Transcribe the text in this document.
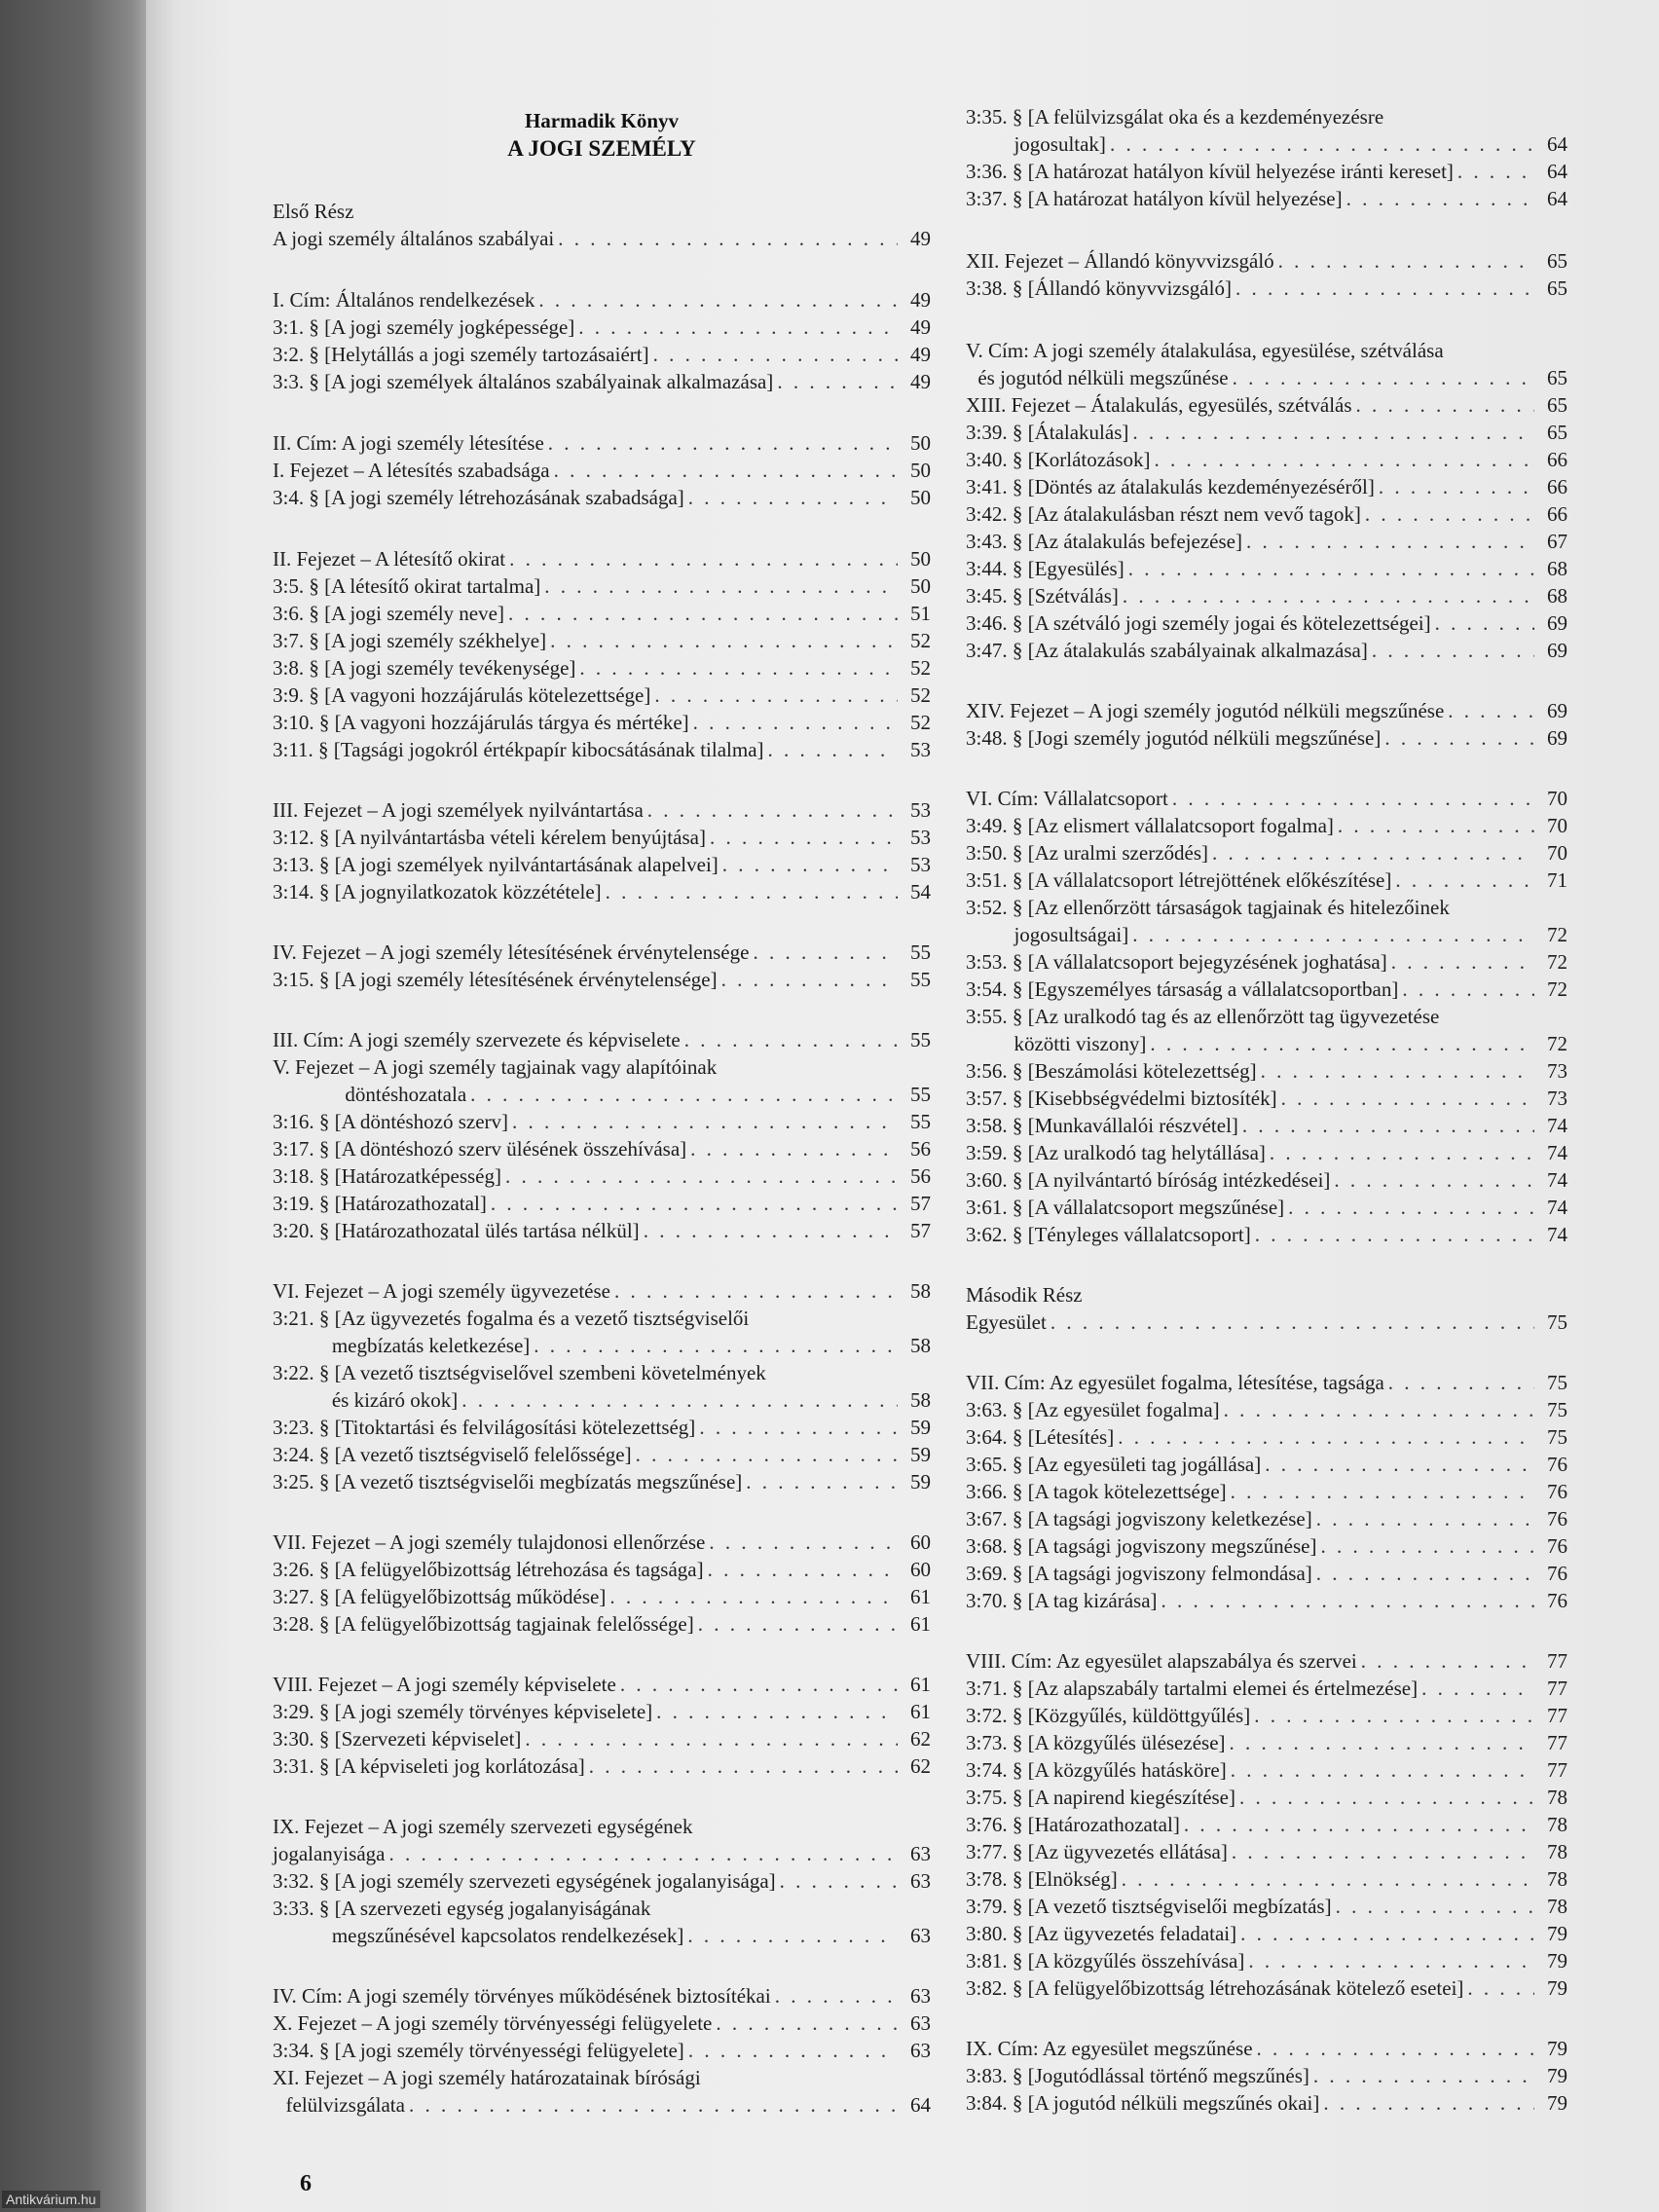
Harmadik Könyv
A JOGI SZEMÉLY
Első Rész
A jogi személy általános szabályai . . .	49
I. Cím: Általános rendelkezések . . .	49
3:1. § [A jogi személy jogképessége] . . .	49
3:2. § [Helytállás a jogi személy tartozásaiért] . . .	49
3:3. § [A jogi személyek általános szabályainak alkalmazása] . . .	49
II. Cím: A jogi személy létesítése . . .	50
I. Fejezet – A létesítés szabadsága . . .	50
3:4. § [A jogi személy létrehozásának szabadsága] . . .	50
II. Fejezet – A létesítő okirat . . .	50
3:5. § [A létesítő okirat tartalma] . . .	50
3:6. § [A jogi személy neve] . . .	51
3:7. § [A jogi személy székhelye] . . .	52
3:8. § [A jogi személy tevékenysége] . . .	52
3:9. § [A vagyoni hozzájárulás kötelezettsége] . . .	52
3:10. § [A vagyoni hozzájárulás tárgya és mértéke] . . .	52
3:11. § [Tagsági jogokról értékpapír kibocsátásának tilalma] . . .	53
III. Fejezet – A jogi személyek nyilvántartása . . .	53
3:12. § [A nyilvántartásba vételi kérelem benyújtása] . . .	53
3:13. § [A jogi személyek nyilvántartásának alapelvei] . . .	53
3:14. § [A jognyilatkozatok közzététele] . . .	54
IV. Fejezet – A jogi személy létesítésének érvénytelensége . . .	55
3:15. § [A jogi személy létesítésének érvénytelensége] . . .	55
III. Cím: A jogi személy szervezete és képviselete . . .	55
V. Fejezet – A jogi személy tagjainak vagy alapítóinak
döntéshozatala . . .	55
3:16. § [A döntéshozó szerv] . . .	55
3:17. § [A döntéshozó szerv ülésének összehívása] . . .	56
3:18. § [Határozatképesség] . . .	56
3:19. § [Határozathozatal] . . .	57
3:20. § [Határozathozatal ülés tartása nélkül] . . .	57
VI. Fejezet – A jogi személy ügyvezetése . . .	58
3:21. § [Az ügyvezetés fogalma és a vezető tisztségviselői
megbízatás keletkezése] . . .	58
3:22. § [A vezető tisztségviselővel szembeni követelmények
és kizáró okok] . . .	58
3:23. § [Titoktartási és felvilágosítási kötelezettség] . . .	59
3:24. § [A vezető tisztségviselő felelőssége] . . .	59
3:25. § [A vezető tisztségviselői megbízatás megszűnése] . . .	59
VII. Fejezet – A jogi személy tulajdonosi ellenőrzése . . .	60
3:26. § [A felügyelőbizottság létrehozása és tagsága] . . .	60
3:27. § [A felügyelőbizottság működése] . . .	61
3:28. § [A felügyelőbizottság tagjainak felelőssége] . . .	61
VIII. Fejezet – A jogi személy képviselete . . .	61
3:29. § [A jogi személy törvényes képviselete] . . .	61
3:30. § [Szervezeti képviselet] . . .	62
3:31. § [A képviseleti jog korlátozása] . . .	62
IX. Fejezet – A jogi személy szervezeti egységének
jogalanyisága . . .	63
3:32. § [A jogi személy szervezeti egységének jogalanyisága] . . .	63
3:33. § [A szervezeti egység jogalanyiságának
megszűnésével kapcsolatos rendelkezések] . . .	63
IV. Cím: A jogi személy törvényes működésének biztosítékai . . .	63
X. Fejezet – A jogi személy törvényességi felügyelete . . .	63
3:34. § [A jogi személy törvényességi felügyelete] . . .	63
XI. Fejezet – A jogi személy határozatainak bírósági
felülvizsgálata . . .	64
3:35. § [A felülvizsgálat oka és a kezdeményezésre
jogosultak] . . .	64
3:36. § [A határozat hatályon kívül helyezése iránti kereset] . . .	64
3:37. § [A határozat hatályon kívül helyezése] . . .	64
XII. Fejezet – Állandó könyvvizsgáló . . .	65
3:38. § [Állandó könyvvizsgáló] . . .	65
V. Cím: A jogi személy átalakulása, egyesülése, szétválása
és jogutód nélküli megszűnése . . .	65
XIII. Fejezet – Átalakulás, egyesülés, szétválás . . .	65
3:39. § [Átalakulás] . . .	65
3:40. § [Korlátozások] . . .	66
3:41. § [Döntés az átalakulás kezdeményezéséről] . . .	66
3:42. § [Az átalakulásban részt nem vevő tagok] . . .	66
3:43. § [Az átalakulás befejezése] . . .	67
3:44. § [Egyesülés] . . .	68
3:45. § [Szétválás] . . .	68
3:46. § [A szétváló jogi személy jogai és kötelezettségei] . . .	69
3:47. § [Az átalakulás szabályainak alkalmazása] . . .	69
XIV. Fejezet – A jogi személy jogutód nélküli megszűnése . . .	69
3:48. § [Jogi személy jogutód nélküli megszűnése] . . .	69
VI. Cím: Vállalatcsoport . . .	70
3:49. § [Az elismert vállalatcsoport fogalma] . . .	70
3:50. § [Az uralmi szerződés] . . .	70
3:51. § [A vállalatcsoport létrejöttének előkészítése] . . .	71
3:52. § [Az ellenőrzött társaságok tagjainak és hitelezőinek
jogosultságai] . . .	72
3:53. § [A vállalatcsoport bejegyzésének joghatása] . . .	72
3:54. § [Egyszemélyes társaság a vállalatcsoportban] . . .	72
3:55. § [Az uralkodó tag és az ellenőrzött tag ügyvezetése
közötti viszony] . . .	72
3:56. § [Beszámolási kötelezettség] . . .	73
3:57. § [Kisebbségvédelmi biztosíték] . . .	73
3:58. § [Munkavállalói részvétel] . . .	74
3:59. § [Az uralkodó tag helytállása] . . .	74
3:60. § [A nyilvántartó bíróság intézkedései] . . .	74
3:61. § [A vállalatcsoport megszűnése] . . .	74
3:62. § [Tényleges vállalatcsoport] . . .	74
Második Rész
Egyesület . . .	75
VII. Cím: Az egyesület fogalma, létesítése, tagsága . . .	75
3:63. § [Az egyesület fogalma] . . .	75
3:64. § [Létesítés] . . .	75
3:65. § [Az egyesületi tag jogállása] . . .	76
3:66. § [A tagok kötelezettsége] . . .	76
3:67. § [A tagsági jogviszony keletkezése] . . .	76
3:68. § [A tagsági jogviszony megszűnése] . . .	76
3:69. § [A tagsági jogviszony felmondása] . . .	76
3:70. § [A tag kizárása] . . .	76
VIII. Cím: Az egyesület alapszabálya és szervei . . .	77
3:71. § [Az alapszabály tartalmi elemei és értelmezése] . . .	77
3:72. § [Közgyűlés, küldöttgyűlés] . . .	77
3:73. § [A közgyűlés ülésezése] . . .	77
3:74. § [A közgyűlés hatásköre] . . .	77
3:75. § [A napirend kiegészítése] . . .	78
3:76. § [Határozathozatal] . . .	78
3:77. § [Az ügyvezetés ellátása] . . .	78
3:78. § [Elnökség] . . .	78
3:79. § [A vezető tisztségviselői megbízatás] . . .	78
3:80. § [Az ügyvezetés feladatai] . . .	79
3:81. § [A közgyűlés összehívása] . . .	79
3:82. § [A felügyelőbizottság létrehozásának kötelező esetei] . . .	79
IX. Cím: Az egyesület megszűnése . . .	79
3:83. § [Jogutódlással történő megszűnés] . . .	79
3:84. § [A jogutód nélküli megszűnés okai] . . .	79
6
Antikvárium.hu
